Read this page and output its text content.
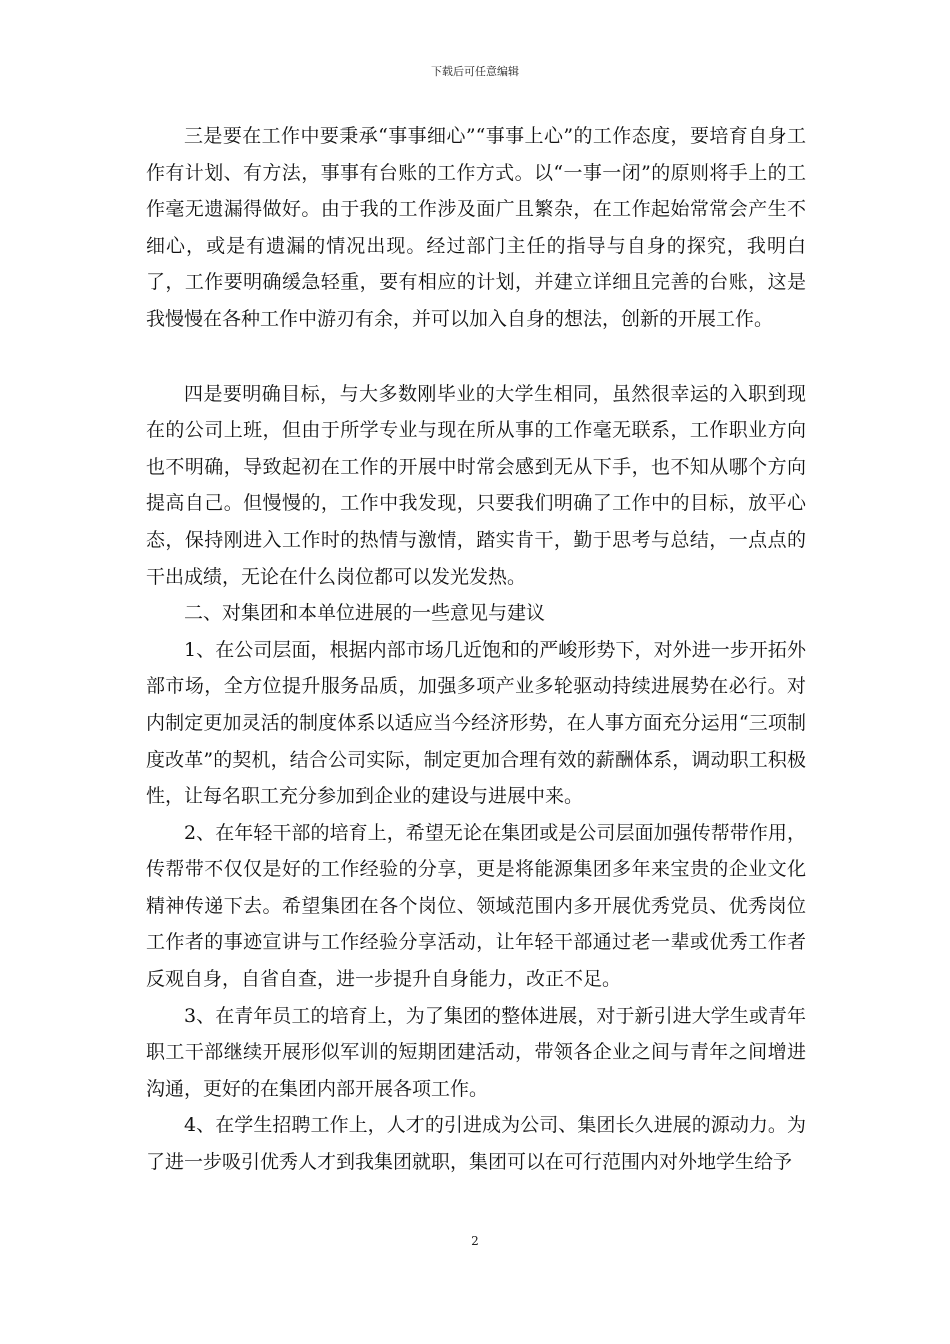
下载后可任意编辑

三是要在工作中要秉承“事事细心”“事事上心”的工作态度，要培育自身工作有计划、有方法，事事有台账的工作方式。以“一事一闭”的原则将手上的工作毫无遗漏得做好。由于我的工作涉及面广且繁杂，在工作起始常常会产生不细心，或是有遗漏的情况出现。经过部门主任的指导与自身的探究，我明白了，工作要明确缓急轻重，要有相应的计划，并建立详细且完善的台账，这是我慢慢在各种工作中游刃有余，并可以加入自身的想法，创新的开展工作。

四是要明确目标，与大多数刚毕业的大学生相同，虽然很幸运的入职到现在的公司上班，但由于所学专业与现在所从事的工作毫无联系，工作职业方向也不明确，导致起初在工作的开展中时常会感到无从下手，也不知从哪个方向提高自己。但慢慢的，工作中我发现，只要我们明确了工作中的目标，放平心态，保持刚进入工作时的热情与激情，踏实肯干，勤于思考与总结，一点点的干出成绩，无论在什么岗位都可以发光发热。

二、对集团和本单位进展的一些意见与建议

1、在公司层面，根据内部市场几近饱和的严峻形势下，对外进一步开拓外部市场，全方位提升服务品质，加强多项产业多轮驱动持续进展势在必行。对内制定更加灵活的制度体系以适应当今经济形势，在人事方面充分运用“三项制度改革”的契机，结合公司实际，制定更加合理有效的薪酬体系，调动职工积极性，让每名职工充分参加到企业的建设与进展中来。

2、在年轻干部的培育上，希望无论在集团或是公司层面加强传帮带作用，传帮带不仅仅是好的工作经验的分享，更是将能源集团多年来宝贵的企业文化精神传递下去。希望集团在各个岗位、领域范围内多开展优秀党员、优秀岗位工作者的事迹宣讲与工作经验分享活动，让年轻干部通过老一辈或优秀工作者反观自身，自省自查，进一步提升自身能力，改正不足。

3、在青年员工的培育上，为了集团的整体进展，对于新引进大学生或青年职工干部继续开展形似军训的短期团建活动，带领各企业之间与青年之间增进沟通，更好的在集团内部开展各项工作。

4、在学生招聘工作上，人才的引进成为公司、集团长久进展的源动力。为了进一步吸引优秀人才到我集团就职，集团可以在可行范围内对外地学生给予

2
